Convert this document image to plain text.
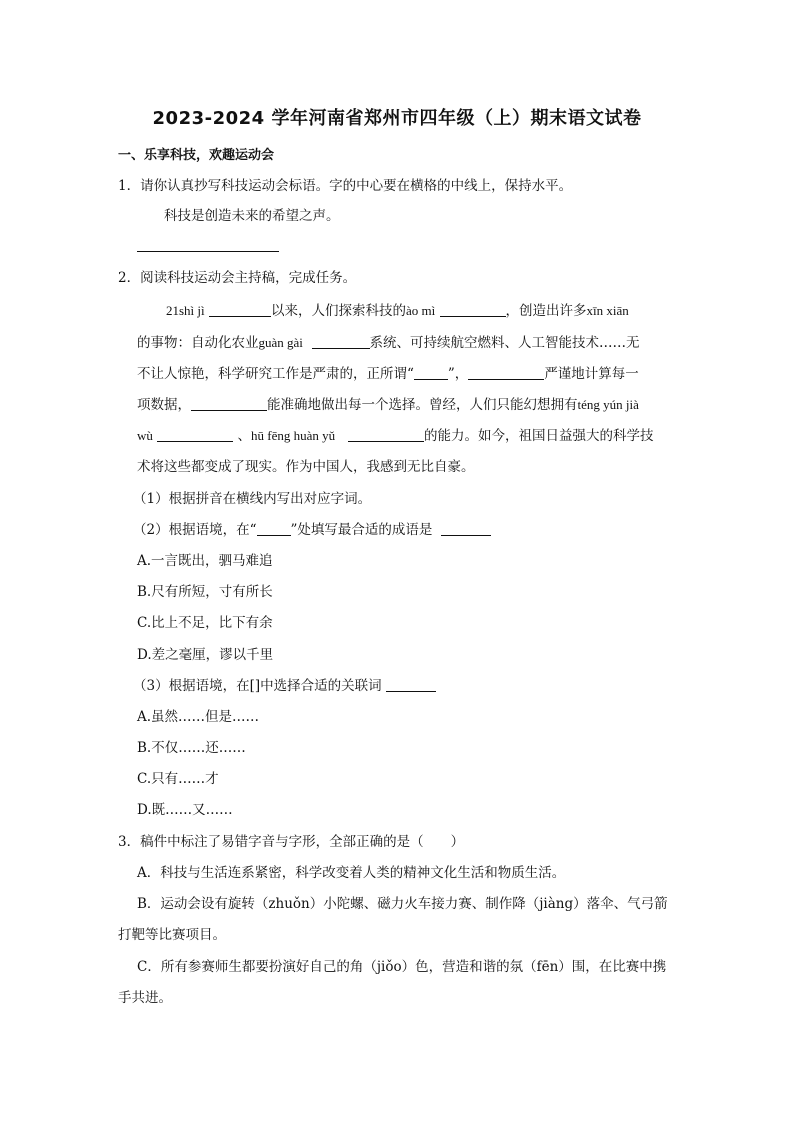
2023-2024 学年河南省郑州市四年级（上）期末语文试卷
一、乐享科技，欢趣运动会
1．请你认真抄写科技运动会标语。字的中心要在横格的中线上，保持水平。
科技是创造未来的希望之声。
2．阅读科技运动会主持稿，完成任务。
21shì jì	以来，人们探索科技的ào mì	，创造出许多xīn xiān
的事物：自动化农业guàn gài	系统、可持续航空燃料、人工智能技术……无
不让人惊艳，科学研究工作是严肃的，正所谓“	”，	严谨地计算每一
项数据，	能准确地做出每一个选择。曾经，人们只能幻想拥有téng yún jià
wù	、hū fēng huàn yǔ	的能力。如今，祖国日益强大的科学技
术将这些都变成了现实。作为中国人，我感到无比自豪。
（1）根据拼音在横线内写出对应字词。
（2）根据语境，在“	”处填写最合适的成语是
A.一言既出，驷马难追
B.尺有所短，寸有所长
C.比上不足，比下有余
D.差之毫厘，谬以千里
（3）根据语境，在[]中选择合适的关联词
A.虽然……但是……
B.不仅……还……
C.只有……才
D.既……又……
3．稿件中标注了易错字音与字形，全部正确的是（　　）
A．科技与生活连系紧密，科学改变着人类的精神文化生活和物质生活。
B．运动会设有旋转（zhuǒn）小陀螺、磁力火车接力赛、制作降（jiàng）落伞、气弓箭
打靶等比赛项目。
C．所有参赛师生都要扮演好自己的角（jiǒo）色，营造和谐的氛（fēn）围，在比赛中携
手共进。
